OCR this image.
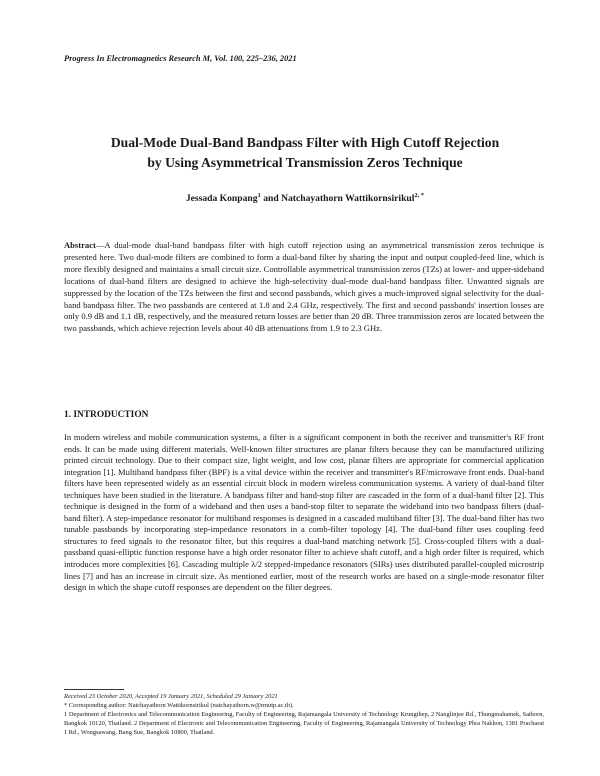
Progress In Electromagnetics Research M, Vol. 100, 225–236, 2021
Dual-Mode Dual-Band Bandpass Filter with High Cutoff Rejection
by Using Asymmetrical Transmission Zeros Technique
Jessada Konpang$^1$ and Natchayathorn Wattikornsirikul$^{2, *}$
Abstract—A dual-mode dual-band bandpass filter with high cutoff rejection using an asymmetrical transmission zeros technique is presented here. Two dual-mode filters are combined to form a dual-band filter by sharing the input and output coupled-feed line, which is more flexibly designed and maintains a small circuit size. Controllable asymmetrical transmission zeros (TZs) at lower- and upper-sideband locations of dual-band filters are designed to achieve the high-selectivity dual-mode dual-band bandpass filter. Unwanted signals are suppressed by the location of the TZs between the first and second passbands, which gives a much-improved signal selectivity for the dual-band bandpass filter. The two passbands are centered at 1.8 and 2.4 GHz, respectively. The first and second passbands' insertion losses are only 0.9 dB and 1.1 dB, respectively, and the measured return losses are better than 20 dB. Three transmission zeros are located between the two passbands, which achieve rejection levels about 40 dB attenuations from 1.9 to 2.3 GHz.
1. INTRODUCTION

In modern wireless and mobile communication systems, a filter is a significant component in both the receiver and transmitter's RF front ends. It can be made using different materials. Well-known filter structures are planar filters because they can be manufactured utilizing printed circuit technology. Due to their compact size, light weight, and low cost, planar filters are appropriate for commercial application integration [1]. Multiband bandpass filter (BPF) is a vital device within the receiver and transmitter's RF/microwave front ends. Dual-band filters have been represented widely as an essential circuit block in modern wireless communication systems. A variety of dual-band filter techniques have been studied in the literature. A bandpass filter and band-stop filter are cascaded in the form of a dual-band filter [2]. This technique is designed in the form of a wideband and then uses a band-stop filter to separate the wideband into two bandpass filters (dual-band filter). A step-impedance resonator for multiband responses is designed in a cascaded multiband filter [3]. The dual-band filter has two tunable passbands by incorporating step-impedance resonators in a comb-filter topology [4]. The dual-band filter uses coupling feed structures to feed signals to the resonator filter, but this requires a dual-band matching network [5]. Cross-coupled filters with a dual-passband quasi-elliptic function response have a high order resonator filter to achieve shaft cutoff, and a high order filter is required, which introduces more complexities [6]. Cascading multiple λ/2 stepped-impedance resonators (SIRs) uses distributed parallel-coupled microstrip lines [7] and has an increase in circuit size. As mentioned earlier, most of the research works are based on a single-mode resonator filter design in which the shape cutoff responses are dependent on the filter degrees.

Received 23 October 2020, Accepted 19 January 2021, Scheduled 29 January 2021
* Corresponding author: Natchayathorn Wattikornsirikul (natchayathorn.w@rmutp.ac.th).
1 Department of Electronics and Telecommunication Engineering, Faculty of Engineering, Rajamangala University of Technology Krungthep, 2 Nanglinjee Rd., Thungmahamek, Sathorn, Bangkok 10120, Thailand. 2 Department of Electronic and Telecommunication Engineering, Faculty of Engineering, Rajamangala University of Technology Phra Nakhon, 1381 Pracharat 1 Rd., Wongsawang, Bang Sue, Bangkok 10800, Thailand.
